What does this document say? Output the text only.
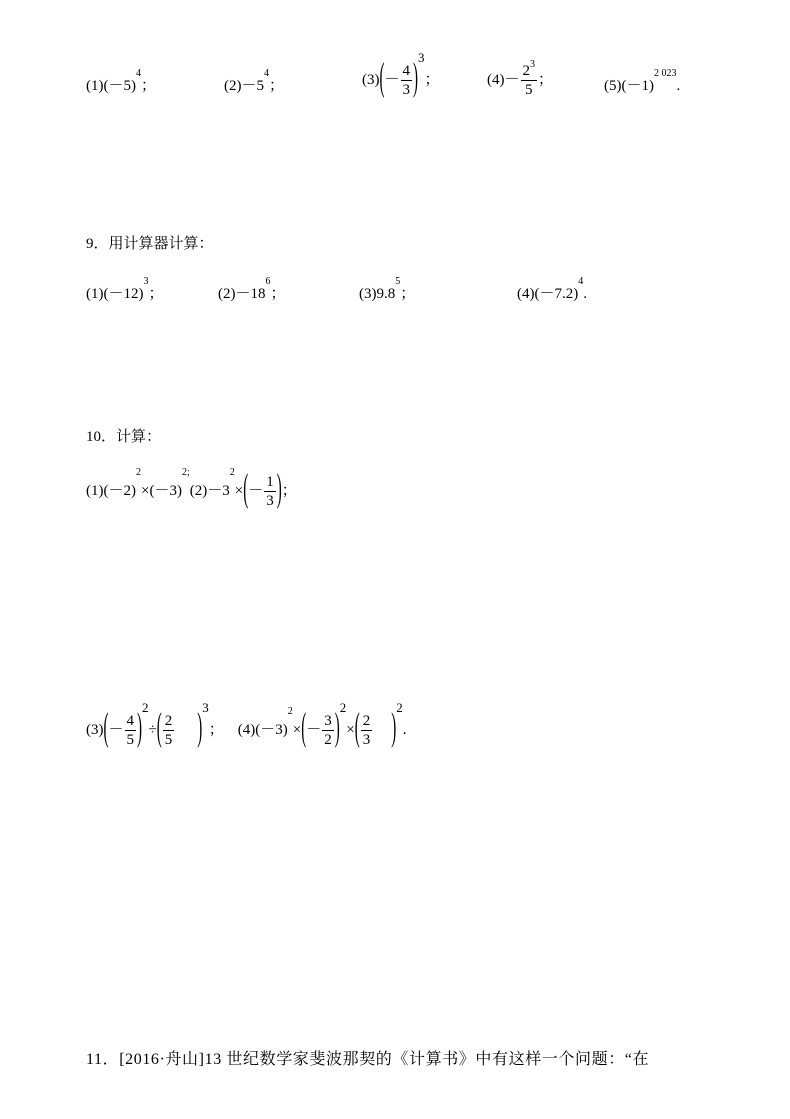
$(1)(-5)^4$；	$(2)-5^4$；	$(3)(- \frac{4}{3} )^3$；	$(4)- \frac{2^3}{5}$ ；	$(5)(-1)^{2 023}$.
9．用计算器计算：
$(1)(-12)^3$；	$(2)-18^6$；	$(3)9.8^5$；	$(4)(-7.2)^4$.
10．计算：
$(1)(-2)^2\times(-3)^{2;}(2)-3^2\times(- \frac{1}{3}$ )；
$(3)(- \frac{4}{5} )^2\div( \frac{2}{5} )^3$； $(4)(-3)^2\times(- \frac{3}{2} )^2\times( \frac{2}{3} )^2$.
11．[2016·舟山]13 世纪数学家斐波那契的《计算书》中有这样一个问题：“在
